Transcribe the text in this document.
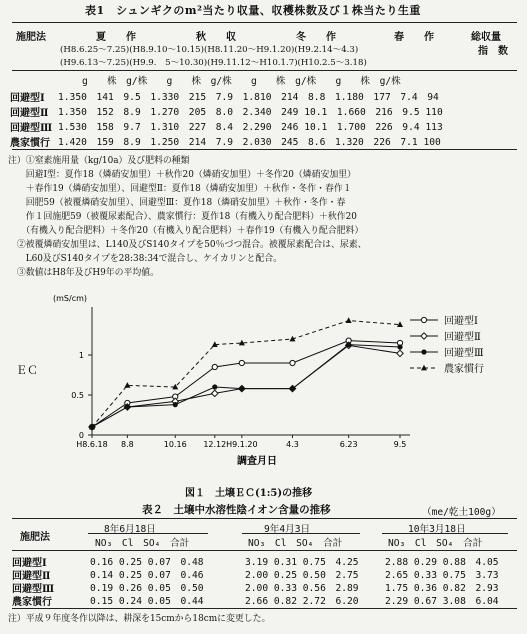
表1　シュンギクのm²当たり収量、収穫株数及び１株当たり生重
施肥法	夏　　作	秋　　収	冬　　作	春　　作	総収量
指　数
(H8.6.25〜7.25)(H8.9.10〜10.15)(H8.11.20〜H9.1.20)(H9.2.14〜4.3)
(H9.6.13〜7.25)(H9.9.　5〜10.30)(H9.11.12〜H10.1.7)(H10.2.5〜3.18)
g　　株　g/株　　g　　株　g/株　　g　　株　g/株　　g　　株　g/株
回避型Ⅰ 1.350　141　9.5　1.330　215　7.9　1.810　214　8.8　1.180　177　7.4　94
回避型Ⅱ 1.350　152　8.9　1.270　205　8.0　2.340　249 10.1　1.660　216　9.5 110
回避型Ⅲ 1.530　158　9.7　1.310　227　8.4　2.290　246 10.1　1.700　226　9.4 113
農家慣行 1.420　159　8.9　1.250　214　7.9　2.030　245　8.6　1.320　226　7.1 100
注）①窒素施用量（kg/10a）及び肥料の種類
　　回避Ⅰ型：夏作18（燐硝安加里）＋秋作20（燐硝安加里）＋冬作20（燐硝安加里）
　　＋春作19（燐硝安加里）、回避型Ⅱ：夏作18（燐硝安加里）＋秋作・冬作・春作１
　　回肥59（被覆燐硝安加里）、回避型Ⅲ：夏作18（燐硝安加里）＋秋作・冬作・春
　　作１回施肥59（被覆尿素配合）、農家慣行：夏作18（有機入り配合肥料）＋秋作20
　　（有機入り配合肥料）＋冬作20（有機入り配合肥料）＋春作19（有機入り配合肥料）
　②被覆燐硝安加里は、L140及びS140タイプを50％づつ混合。被覆尿素配合は、尿素、
　　L60及びS140タイプを28:38:34で混合し、ケイカリンと配合。
　③数値はH8年及びH9年の平均値。
(mS/cm)
ＥＣ
1
0.5
0
H8.6.18 8.8	10.16 12.12 H9.1.20	4.3	6.23	9.5
回避型Ⅰ
回避型Ⅱ
回避型Ⅲ
農家慣行
調査月日
図１　土壌ＥＣ(1:5)の推移
表２　土壌中水溶性陰イオン含量の推移	（me/乾土100g）
施肥法
8年6月18日	9年4月3日	10年3月18日
NO₃　Cl　SO₄　合計	NO₃　Cl　SO₄　合計	NO₃　Cl　SO₄　合計
回避型Ⅰ	0.16 0.25 0.07　0.48	3.19 0.31 0.75　4.25	2.88 0.29 0.88　4.05
回避型Ⅱ	0.14 0.25 0.07　0.46	2.00 0.25 0.50　2.75	2.65 0.33 0.75　3.73
回避型Ⅲ	0.19 0.26 0.05　0.50	2.00 0.33 0.56　2.89	1.75 0.36 0.82　2.93
農家慣行	0.15 0.24 0.05　0.44	2.66 0.82 2.72　6.20	2.29 0.67 3.08　6.04
注）平成９年度冬作以降は、耕深を15cmから18cmに変更した。
